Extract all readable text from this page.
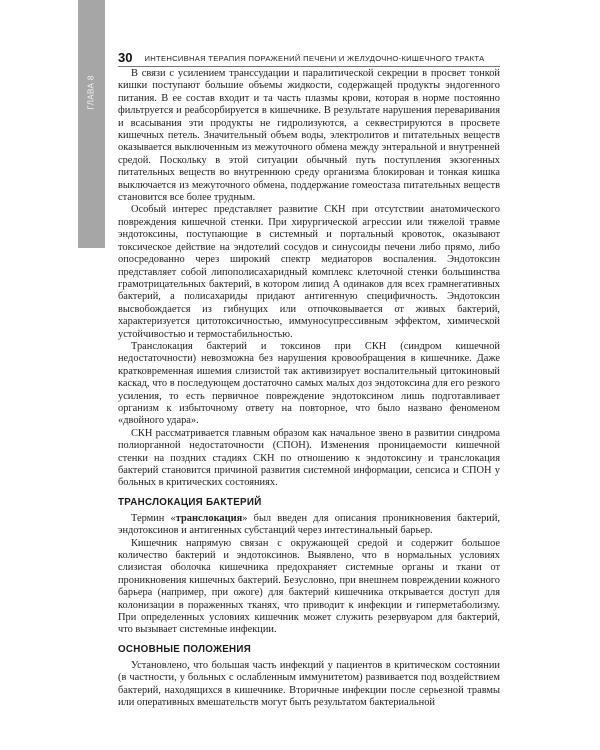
ГЛАВА 8
30 ИНТЕНСИВНАЯ ТЕРАПИЯ ПОРАЖЕНИЙ ПЕЧЕНИ И ЖЕЛУДОЧНО-КИШЕЧНОГО ТРАКТА

В связи с усилением транссудации и паралитической секреции в просвет тонкой кишки поступают большие объемы жидкости, содержащей продукты эндогенного питания. В ее состав входит и та часть плазмы крови, которая в норме постоянно фильтруется и реабсорбируется в кишечнике. В результате нарушения переваривания и всасывания эти продукты не гидролизуются, а секвестрируются в просвете кишечных петель. Значительный объем воды, электролитов и питательных веществ оказывается выключенным из межуточного обмена между энтеральной и внутренней средой. Поскольку в этой ситуации обычный путь поступления экзогенных питательных веществ во внутреннюю среду организма блокирован и тонкая кишка выключается из межуточного обмена, поддержание гомеостаза питательных веществ становится все более трудным.

Особый интерес представляет развитие СКН при отсутствии анатомического повреждения кишечной стенки. При хирургической агрессии или тяжелой травме эндотоксины, поступающие в системный и портальный кровоток, оказывают токсическое действие на эндотелий сосудов и синусоиды печени либо прямо, либо опосредованно через широкий спектр медиаторов воспаления. Эндотоксин представляет собой липополисахаридный комплекс клеточной стенки большинства грамотрицательных бактерий, в котором липид А одинаков для всех грамнегативных бактерий, а полисахариды придают антигенную специфичность. Эндотоксин высвобождается из гибнущих или отпочковывается от живых бактерий, характеризуется цитотоксичностью, иммуносупрессивным эффектом, химической устойчивостью и термостабильностью.

Транслокация бактерий и токсинов при СКН (синдром кишечной недостаточности) невозможна без нарушения кровообращения в кишечнике. Даже кратковременная ишемия слизистой так активизирует воспалительный цитокиновый каскад, что в последующем достаточно самых малых доз эндотоксина для его резкого усиления, то есть первичное повреждение эндотоксином лишь подготавливает организм к избыточному ответу на повторное, что было названо феноменом «двойного удара».

СКН рассматривается главным образом как начальное звено в развитии синдрома полиорганной недостаточности (СПОН). Изменения проницаемости кишечной стенки на поздних стадиях СКН по отношению к эндотоксину и транслокация бактерий становится причиной развития системной информации, сепсиса и СПОН у больных в критических состояниях.

ТРАНСЛОКАЦИЯ БАКТЕРИЙ

Термин «транслокация» был введен для описания проникновения бактерий, эндотоксинов и антигенных субстанций через интестинальный барьер.

Кишечник напрямую связан с окружающей средой и содержит большое количество бактерий и эндотоксинов. Выявлено, что в нормальных условиях слизистая оболочка кишечника предохраняет системные органы и ткани от проникновения кишечных бактерий. Безусловно, при внешнем повреждении кожного барьера (например, при ожоге) для бактерий кишечника открывается доступ для колонизации в пораженных тканях, что приводит к инфекции и гиперметаболизму. При определенных условиях кишечник может служить резервуаром для бактерий, что вызывает системные инфекции.

ОСНОВНЫЕ ПОЛОЖЕНИЯ

Установлено, что большая часть инфекций у пациентов в критическом состоянии (в частности, у больных с ослабленным иммунитетом) развивается под воздействием бактерий, находящихся в кишечнике. Вторичные инфекции после серьезной травмы или оперативных вмешательств могут быть результатом бактериальной
